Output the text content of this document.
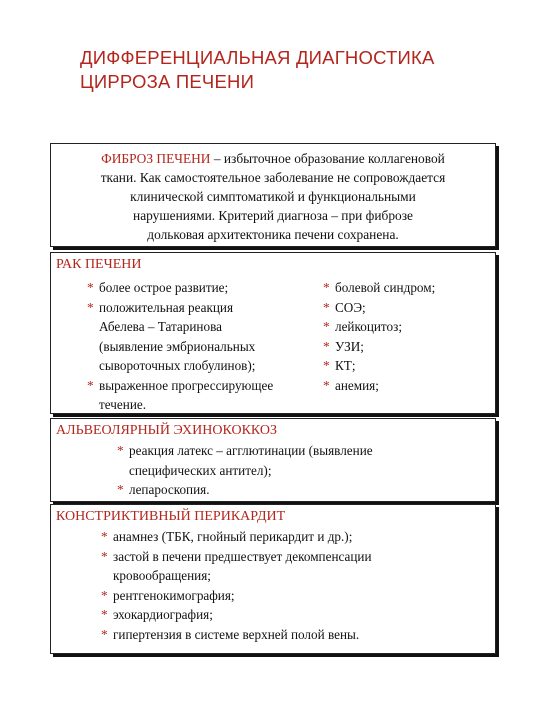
ДИФФЕРЕНЦИАЛЬНАЯ ДИАГНОСТИКА
ЦИРРОЗА ПЕЧЕНИ
ФИБРОЗ ПЕЧЕНИ – избыточное образование коллагеновой
ткани. Как самостоятельное заболевание не сопровождается
клинической симптоматикой и функциональными
нарушениями. Критерий диагноза – при фиброзе
дольковая архитектоника печени сохранена.
РАК ПЕЧЕНИ
* более острое развитие;
* положительная реакция
Абелева – Татаринова
(выявление эмбриональных
сывороточных глобулинов);
* выраженное прогрессирующее
течение.
* болевой синдром;
* СОЭ;
* лейкоцитоз;
* УЗИ;
* КТ;
* анемия;
АЛЬВЕОЛЯРНЫЙ ЭХИНОКОККОЗ
* реакция латекс – агглютинации (выявление
специфических антител);
* лепароскопия.
КОНСТРИКТИВНЫЙ ПЕРИКАРДИТ
* анамнез (ТБК, гнойный перикардит и др.);
* застой в печени предшествует декомпенсации
кровообращения;
* рентгенокимография;
* эхокардиография;
* гипертензия в системе верхней полой вены.
